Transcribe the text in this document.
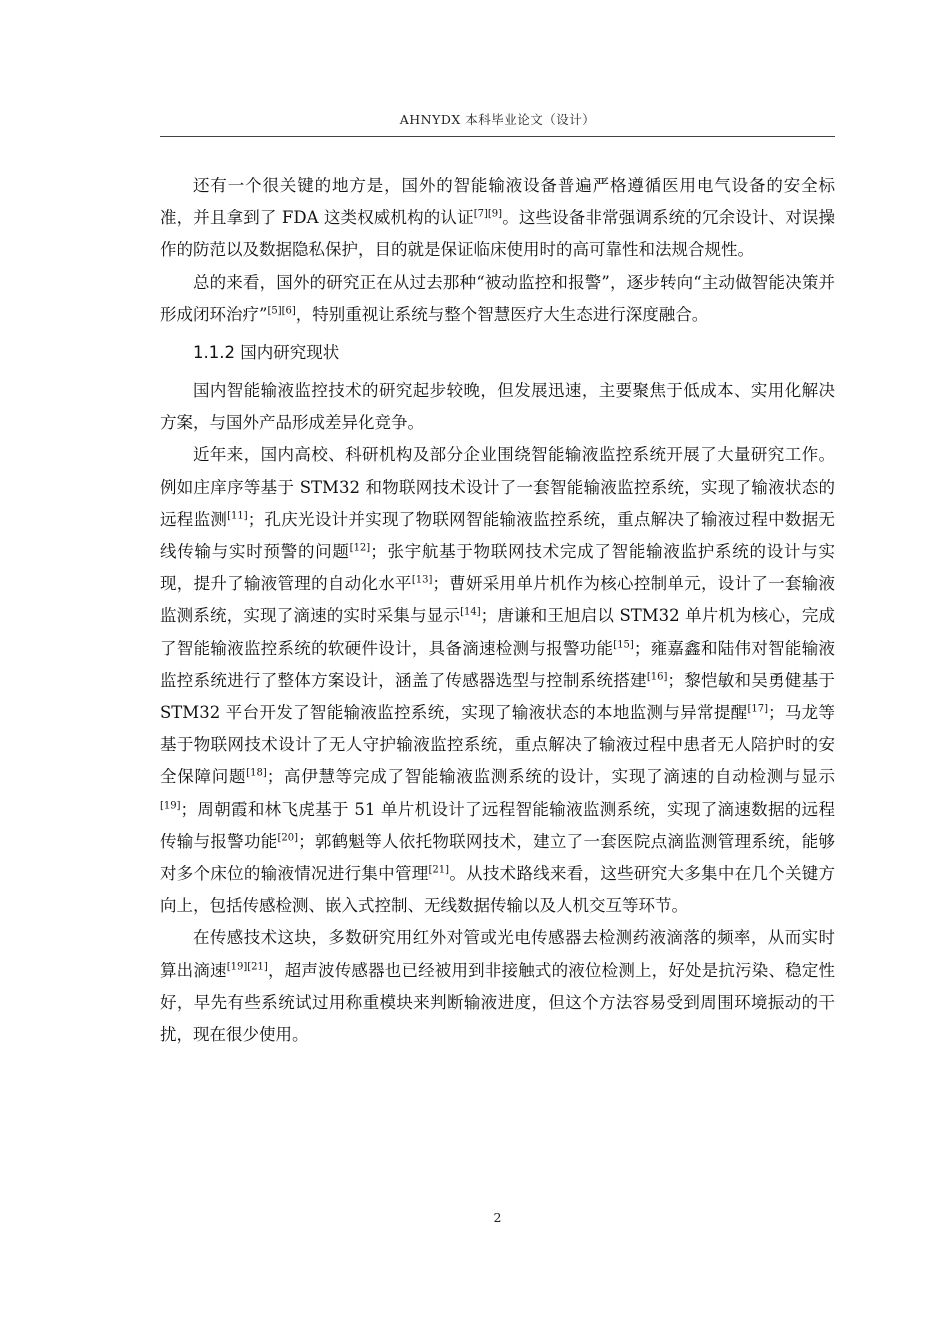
AHNYDX 本科毕业论文（设计）

还有一个很关键的地方是，国外的智能输液设备普遍严格遵循医用电气设备的安全标准，并且拿到了 FDA 这类权威机构的认证[7][9]。这些设备非常强调系统的冗余设计、对误操作的防范以及数据隐私保护，目的就是保证临床使用时的高可靠性和法规合规性。

总的来看，国外的研究正在从过去那种“被动监控和报警”，逐步转向“主动做智能决策并形成闭环治疗”[5][6]，特别重视让系统与整个智慧医疗大生态进行深度融合。

1.1.2 国内研究现状

国内智能输液监控技术的研究起步较晚，但发展迅速，主要聚焦于低成本、实用化解决方案，与国外产品形成差异化竞争。

近年来，国内高校、科研机构及部分企业围绕智能输液监控系统开展了大量研究工作。例如庄庠序等基于 STM32 和物联网技术设计了一套智能输液监控系统，实现了输液状态的远程监测[11]；孔庆光设计并实现了物联网智能输液监控系统，重点解决了输液过程中数据无线传输与实时预警的问题[12]；张宇航基于物联网技术完成了智能输液监护系统的设计与实现，提升了输液管理的自动化水平[13]；曹妍采用单片机作为核心控制单元，设计了一套输液监测系统，实现了滴速的实时采集与显示[14]；唐谦和王旭启以 STM32 单片机为核心，完成了智能输液监控系统的软硬件设计，具备滴速检测与报警功能[15]；雍嘉鑫和陆伟对智能输液监控系统进行了整体方案设计，涵盖了传感器选型与控制系统搭建[16]；黎恺敏和吴勇健基于 STM32 平台开发了智能输液监控系统，实现了输液状态的本地监测与异常提醒[17]；马龙等基于物联网技术设计了无人守护输液监控系统，重点解决了输液过程中患者无人陪护时的安全保障问题[18]；高伊慧等完成了智能输液监测系统的设计，实现了滴速的自动检测与显示[19]；周朝霞和林飞虎基于 51 单片机设计了远程智能输液监测系统，实现了滴速数据的远程传输与报警功能[20]；郭鹤魁等人依托物联网技术，建立了一套医院点滴监测管理系统，能够对多个床位的输液情况进行集中管理[21]。从技术路线来看，这些研究大多集中在几个关键方向上，包括传感检测、嵌入式控制、无线数据传输以及人机交互等环节。

在传感技术这块，多数研究用红外对管或光电传感器去检测药液滴落的频率，从而实时算出滴速[19][21]，超声波传感器也已经被用到非接触式的液位检测上，好处是抗污染、稳定性好，早先有些系统试过用称重模块来判断输液进度，但这个方法容易受到周围环境振动的干扰，现在很少使用。

2
